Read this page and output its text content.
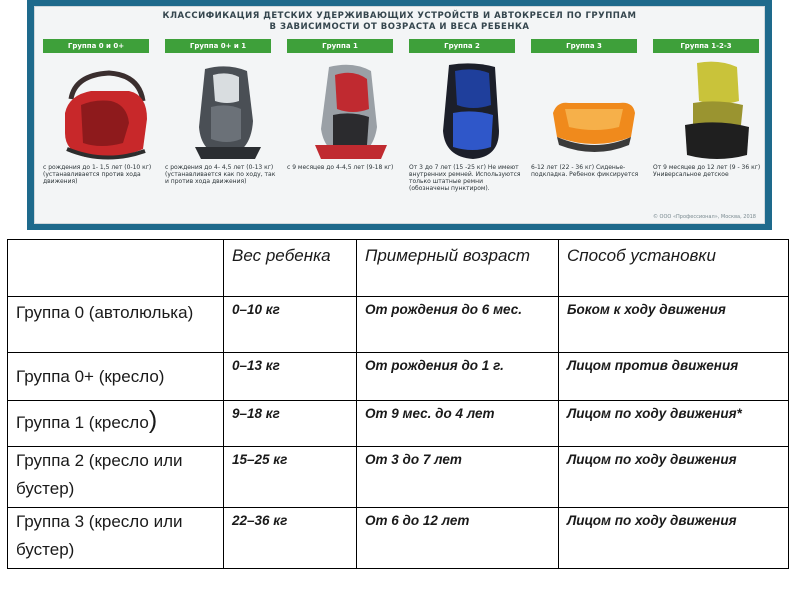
КЛАССИФИКАЦИЯ ДЕТСКИХ УДЕРЖИВАЮЩИХ УСТРОЙСТВ И АВТОКРЕСЕЛ ПО ГРУППАМ
В ЗАВИСИМОСТИ ОТ ВОЗРАСТА И ВЕСА РЕБЕНКА
Группа 0 и 0+	Группа 0+ и 1	Группа 1	Группа 2	Группа 3	Группа 1-2-3
с рождения до 1- 1,5 лет (0-10 кг) (устанавливается против хода движения)
с рождения до 4- 4,5 лет (0-13 кг) (устанавливается как по ходу, так и против хода движения)
с 9 месяцев до 4-4,5 лет (9-18 кг)	От 3 до 7 лет (15 -25 кг) Не имеют внутренних ремней. Используются только штатные ремни (обозначены пунктиром).
6-12 лет (22 - 36 кг) Сиденье-подкладка. Ребенок фиксируется
От 9 месяцев до 12 лет (9 - 36 кг) Универсальное детское
© ООО «Профессионал», Москва, 2018
	Вес ребенка	Примерный возраст	Способ установки
Группа 0 (автолюлька)	0–10 кг	От рождения до 6 мес.	Боком к ходу движения
Группа 0+ (кресло)	0–13 кг	От рождения до 1 г.	Лицом против движения
Группа 1 (кресло)	9–18 кг	От 9 мес. до 4 лет	Лицом по ходу движения*
Группа 2 (кресло или бустер)	15–25 кг	От 3 до 7 лет	Лицом по ходу движения
Группа 3 (кресло или бустер)	22–36 кг	От 6 до 12 лет	Лицом по ходу движения
